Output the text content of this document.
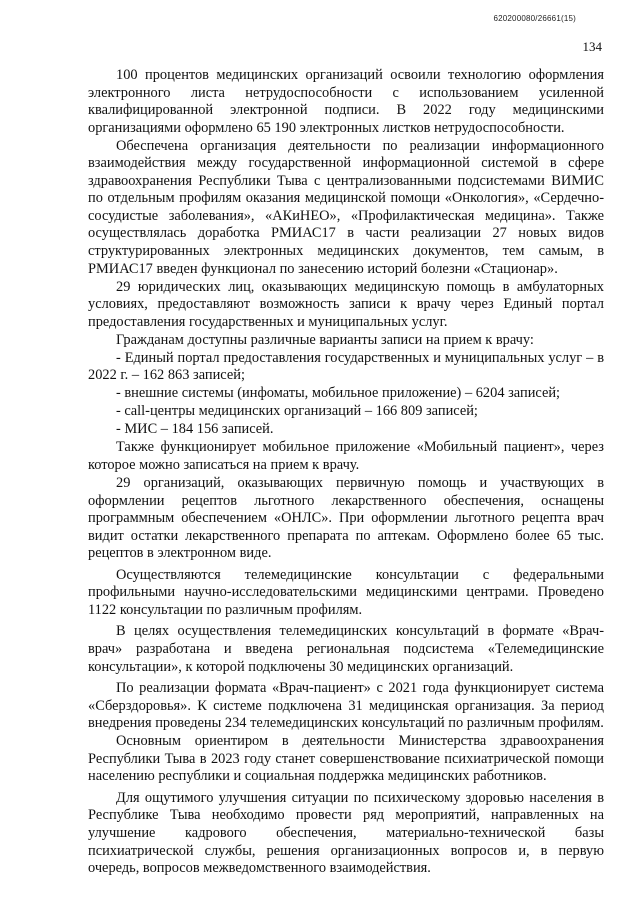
620200080/26661(15)
134

100 процентов медицинских организаций освоили технологию оформления электронного листа нетрудоспособности с использованием усиленной квалифицированной электронной подписи. В 2022 году медицинскими организациями оформлено 65 190 электронных листков нетрудоспособности.

Обеспечена организация деятельности по реализации информационного взаимодействия между государственной информационной системой в сфере здравоохранения Республики Тыва с централизованными подсистемами ВИМИС по отдельным профилям оказания медицинской помощи «Онкология», «Сердечно-сосудистые заболевания», «АКиНЕО», «Профилактическая медицина». Также осуществлялась доработка РМИАС17 в части реализации 27 новых видов структурированных электронных медицинских документов, тем самым, в РМИАС17 введен функционал по занесению историй болезни «Стационар».

29 юридических лиц, оказывающих медицинскую помощь в амбулаторных условиях, предоставляют возможность записи к врачу через Единый портал предоставления государственных и муниципальных услуг.

Гражданам доступны различные варианты записи на прием к врачу:

- Единый портал предоставления государственных и муниципальных услуг – в 2022 г. – 162 863 записей;

- внешние системы (инфоматы, мобильное приложение) – 6204 записей;

- call-центры медицинских организаций – 166 809 записей;

- МИС – 184 156 записей.

Также функционирует мобильное приложение «Мобильный пациент», через которое можно записаться на прием к врачу.

29 организаций, оказывающих первичную помощь и участвующих в оформлении рецептов льготного лекарственного обеспечения, оснащены программным обеспечением «ОНЛС». При оформлении льготного рецепта врач видит остатки лекарственного препарата по аптекам. Оформлено более 65 тыс. рецептов в электронном виде.

Осуществляются телемедицинские консультации с федеральными профильными научно-исследовательскими медицинскими центрами. Проведено 1122 консультации по различным профилям.

В целях осуществления телемедицинских консультаций в формате «Врач-врач» разработана и введена региональная подсистема «Телемедицинские консультации», к которой подключены 30 медицинских организаций.

По реализации формата «Врач-пациент» с 2021 года функционирует система «Сберздоровья». К системе подключена 31 медицинская организация. За период внедрения проведены 234 телемедицинских консультаций по различным профилям.

Основным ориентиром в деятельности Министерства здравоохранения Республики Тыва в 2023 году станет совершенствование психиатрической помощи населению республики и социальная поддержка медицинских работников.

Для ощутимого улучшения ситуации по психическому здоровью населения в Республике Тыва необходимо провести ряд мероприятий, направленных на улучшение кадрового обеспечения, материально-технической базы психиатрической службы, решения организационных вопросов и, в первую очередь, вопросов межведомственного взаимодействия.
